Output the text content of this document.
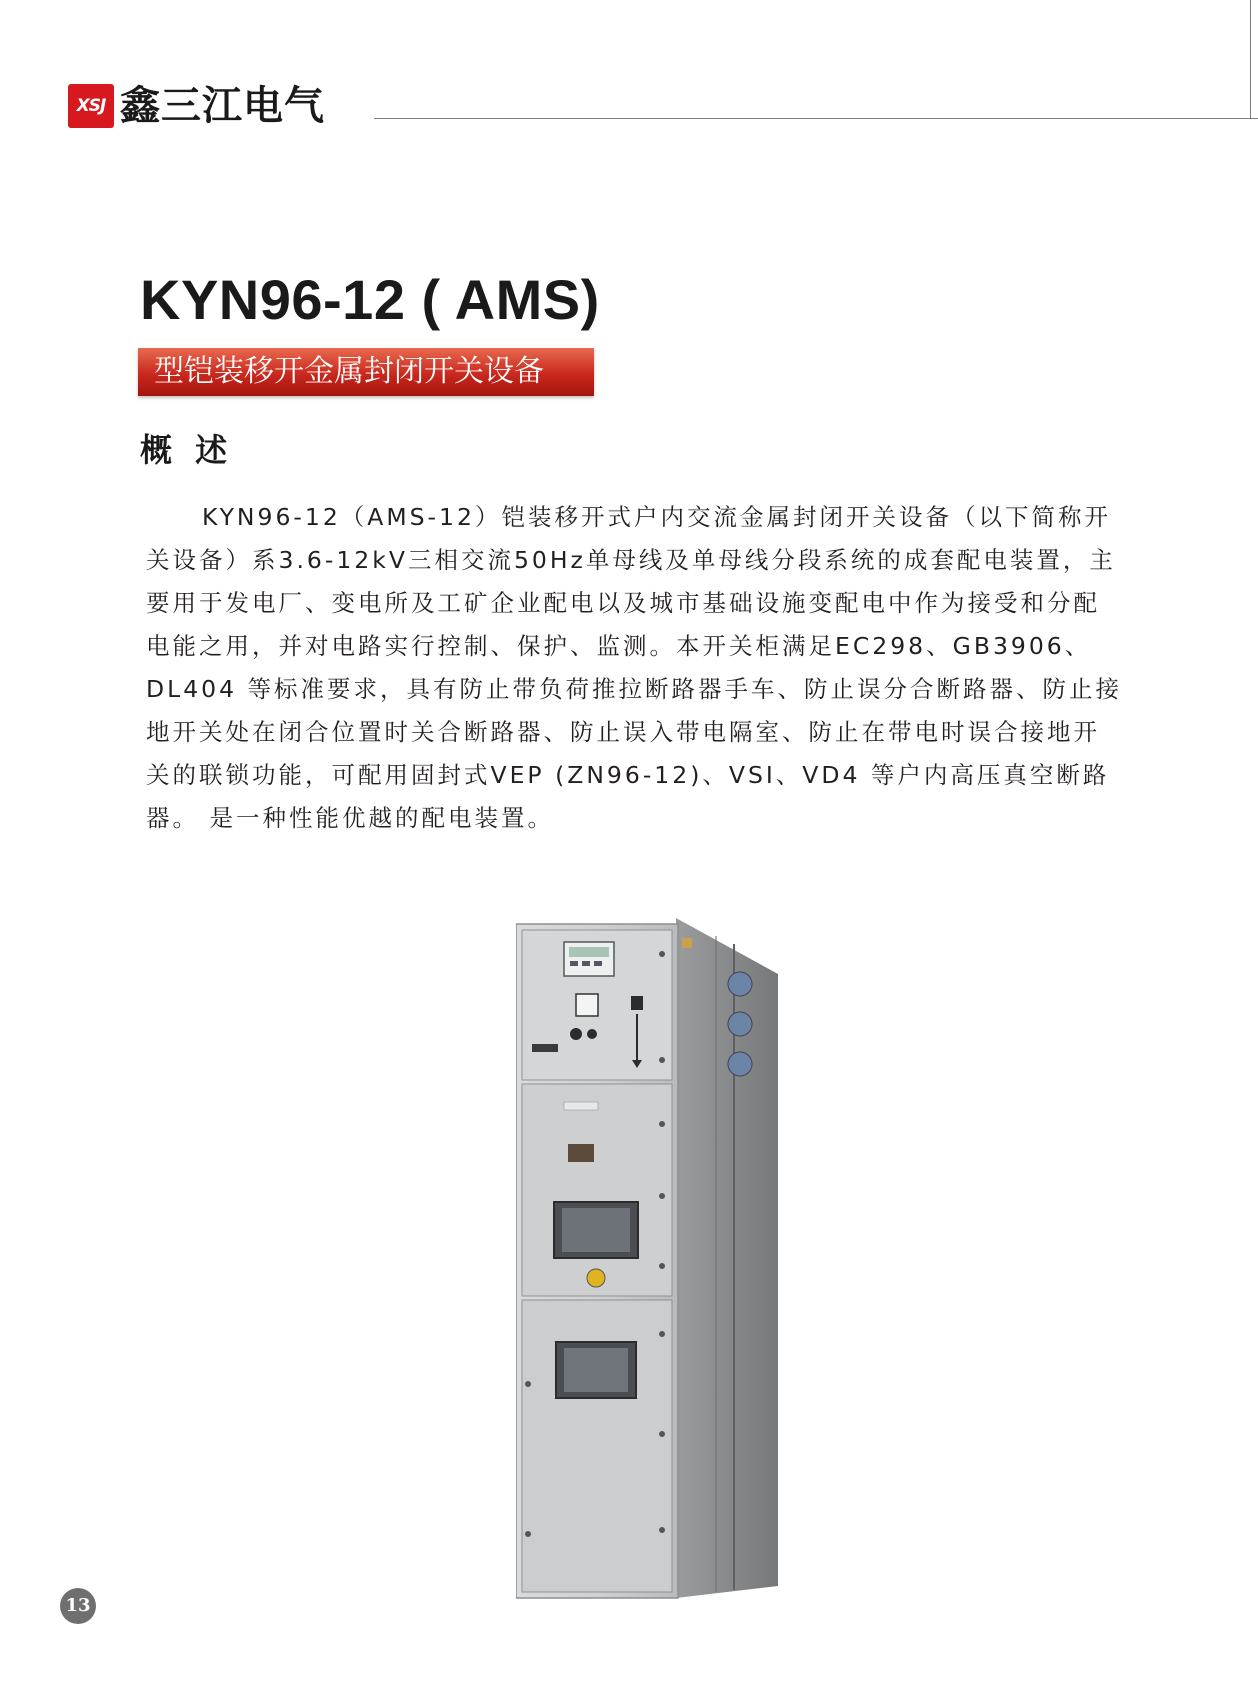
XSJ 鑫三江电气
KYN96-12 ( AMS)
型铠装移开金属封闭开关设备
概 述

KYN96-12（AMS-12）铠装移开式户内交流金属封闭开关设备（以下简称开关设备）系3.6-12kV三相交流50Hz单母线及单母线分段系统的成套配电装置，主要用于发电厂、变电所及工矿企业配电以及城市基础设施变配电中作为接受和分配电能之用，并对电路实行控制、保护、监测。本开关柜满足EC298、GB3906、DL404 等标准要求，具有防止带负荷推拉断路器手车、防止误分合断路器、防止接地开关处在闭合位置时关合断路器、防止误入带电隔室、防止在带电时误合接地开关的联锁功能，可配用固封式VEP (ZN96-12)、VSI、VD4 等户内高压真空断路器。 是一种性能优越的配电装置。

13
